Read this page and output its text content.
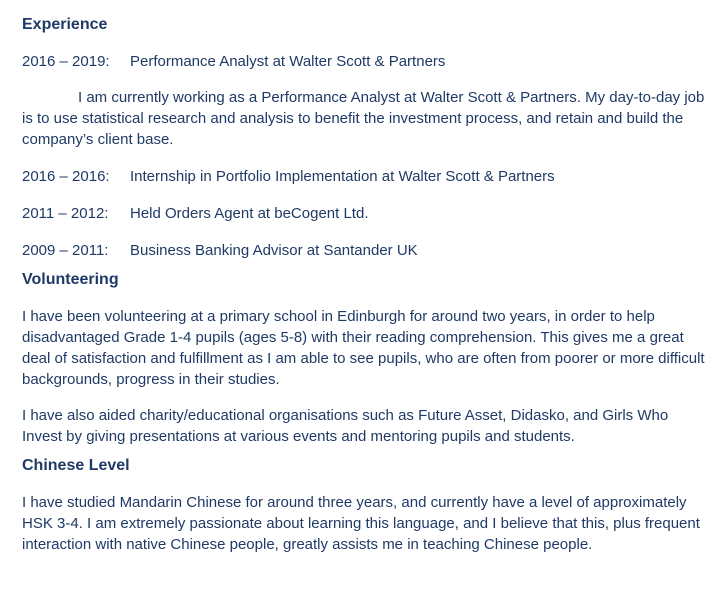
Experience
2016 – 2019:	Performance Analyst at Walter Scott & Partners

I am currently working as a Performance Analyst at Walter Scott & Partners. My day-to-day job is to use statistical research and analysis to benefit the investment process, and retain and build the company’s client base.

2016 – 2016:	Internship in Portfolio Implementation at Walter Scott & Partners
2011 – 2012:	Held Orders Agent at beCogent Ltd.
2009 – 2011:	Business Banking Advisor at Santander UK
Volunteering

I have been volunteering at a primary school in Edinburgh for around two years, in order to help disadvantaged Grade 1-4 pupils (ages 5-8) with their reading comprehension. This gives me a great deal of satisfaction and fulfillment as I am able to see pupils, who are often from poorer or more difficult backgrounds, progress in their studies.

I have also aided charity/educational organisations such as Future Asset, Didasko, and Girls Who Invest by giving presentations at various events and mentoring pupils and students.

Chinese Level

I have studied Mandarin Chinese for around three years, and currently have a level of approximately HSK 3-4. I am extremely passionate about learning this language, and I believe that this, plus frequent interaction with native Chinese people, greatly assists me in teaching Chinese people.
